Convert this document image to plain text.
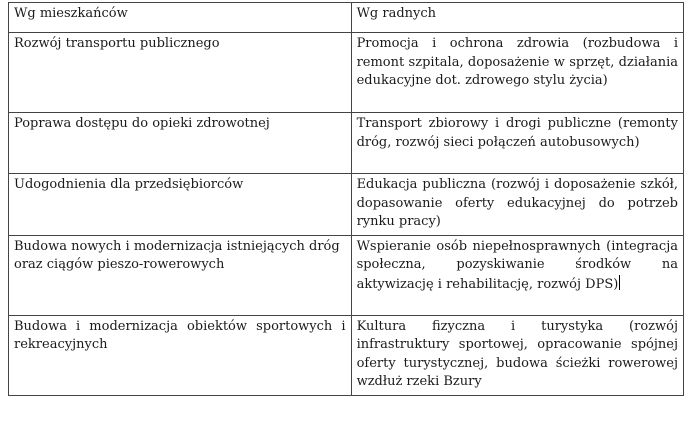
Wg mieszkańców	Wg radnych
Rozwój transportu publicznego	Promocja i ochrona zdrowia (rozbudowa i remont szpitala, doposażenie w sprzęt, działania edukacyjne dot. zdrowego stylu życia)
Poprawa dostępu do opieki zdrowotnej	Transport zbiorowy i drogi publiczne (remonty dróg, rozwój sieci połączeń autobusowych)
Udogodnienia dla przedsiębiorców	Edukacja publiczna (rozwój i doposażenie szkół, dopasowanie oferty edukacyjnej do potrzeb rynku pracy)
Budowa nowych i modernizacja istniejących dróg oraz ciągów pieszo-rowerowych	Wspieranie osób niepełnosprawnych (integracja społeczna, pozyskiwanie środków na aktywizację i rehabilitację, rozwój DPS)
Budowa i modernizacja obiektów sportowych i rekreacyjnych	Kultura fizyczna i turystyka (rozwój infrastruktury sportowej, opracowanie spójnej oferty turystycznej, budowa ścieżki rowerowej wzdłuż rzeki Bzury
